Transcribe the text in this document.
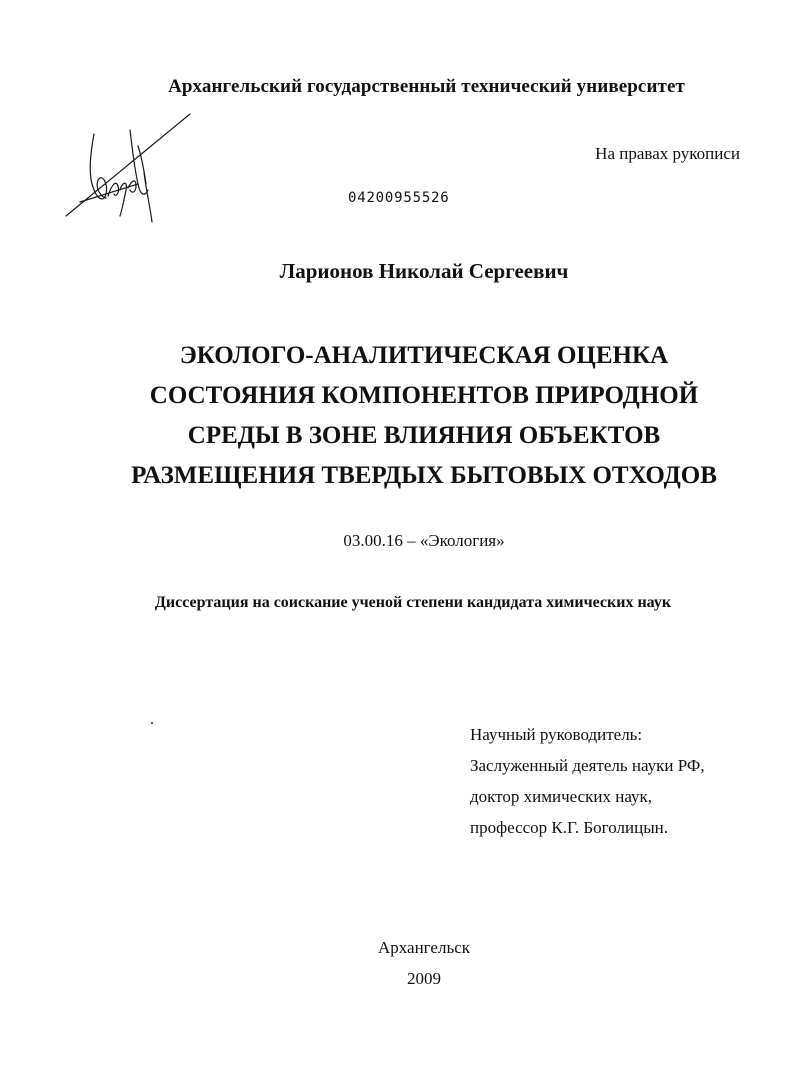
Архангельский государственный технический университет
На правах рукописи
04200955526
Ларионов Николай Сергеевич
ЭКОЛОГО-АНАЛИТИЧЕСКАЯ ОЦЕНКА
СОСТОЯНИЯ КОМПОНЕНТОВ ПРИРОДНОЙ
СРЕДЫ В ЗОНЕ ВЛИЯНИЯ ОБЪЕКТОВ
РАЗМЕЩЕНИЯ ТВЕРДЫХ БЫТОВЫХ ОТХОДОВ
03.00.16 – «Экология»
Диссертация на соискание ученой степени кандидата химических наук
Научный руководитель:
Заслуженный деятель науки РФ,
доктор химических наук,
профессор К.Г. Боголицын.
Архангельск
2009
